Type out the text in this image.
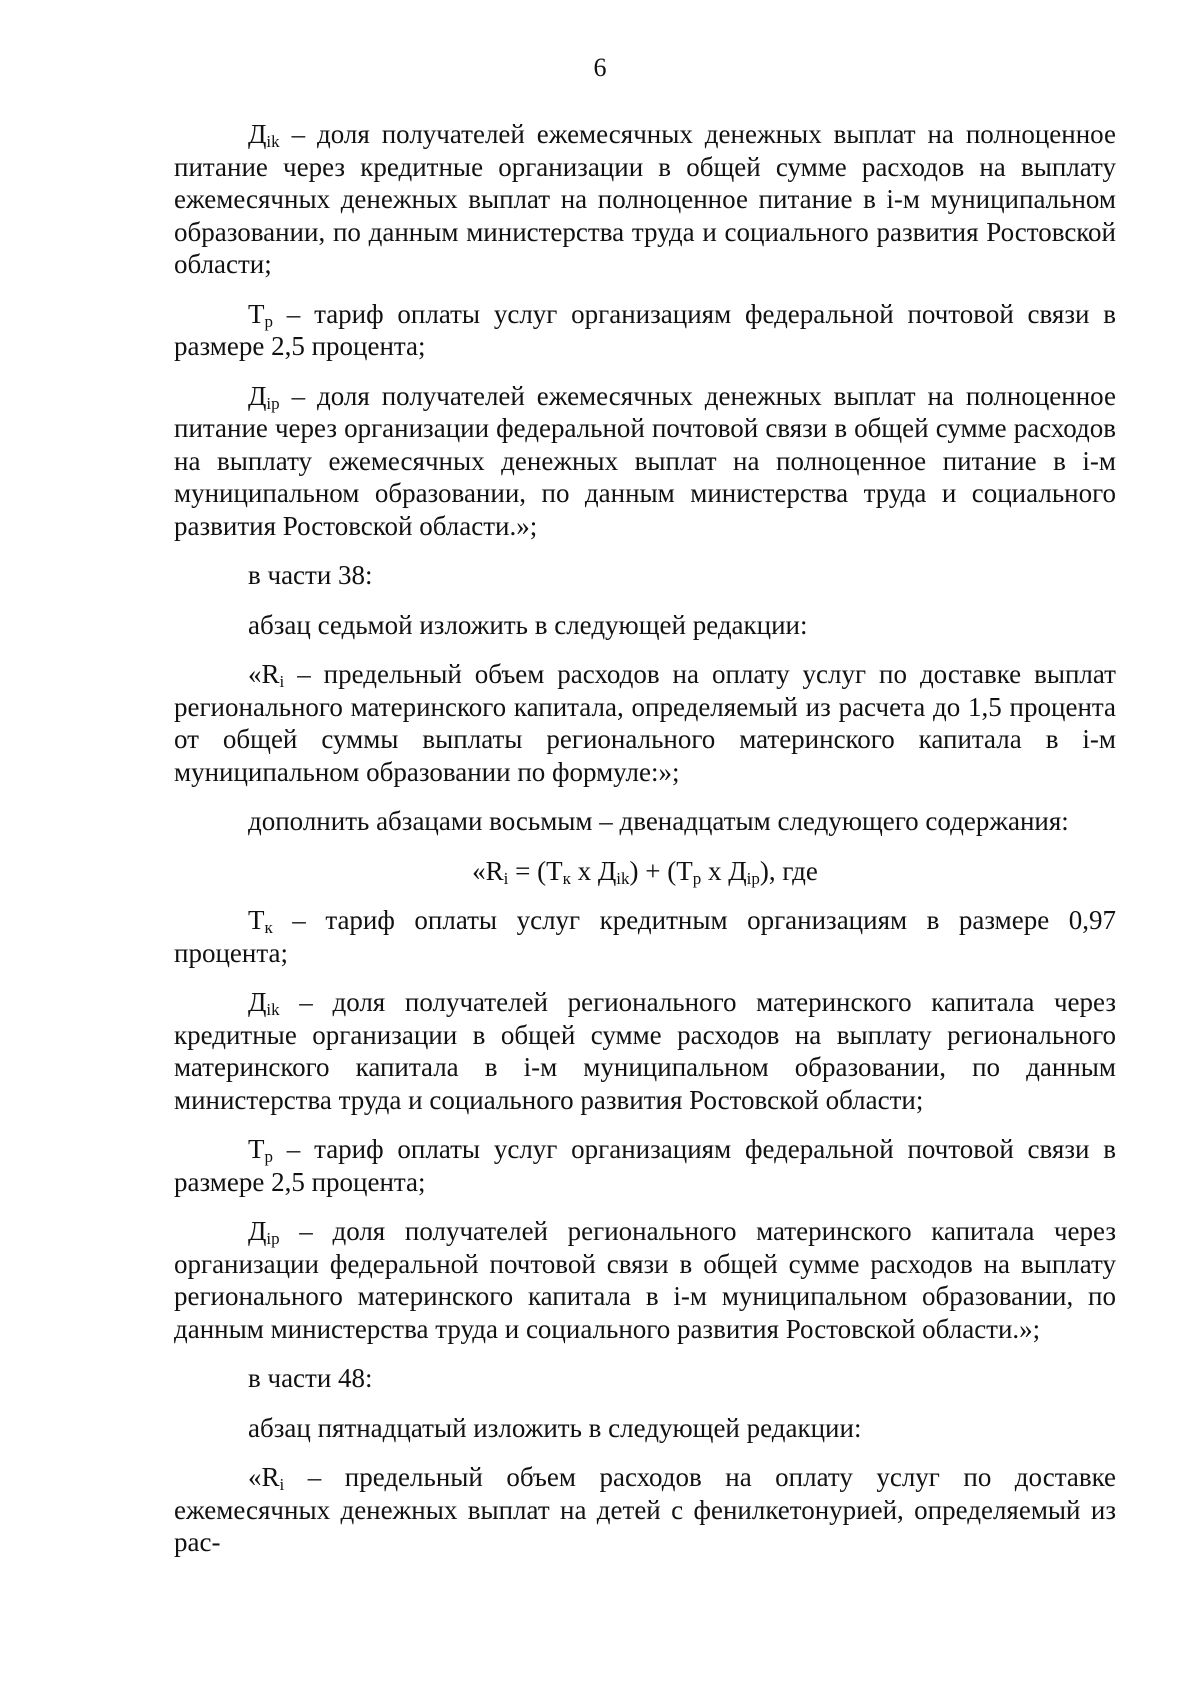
6

$Д_{ik}$ – доля получателей ежемесячных денежных выплат на полноценное питание через кредитные организации в общей сумме расходов на выплату ежемесячных денежных выплат на полноценное питание в i-м муниципальном образовании, по данным министерства труда и социального развития Ростовской области;

$Т_р$ – тариф оплаты услуг организациям федеральной почтовой связи в размере 2,5 процента;

$Д_{ip}$ – доля получателей ежемесячных денежных выплат на полноценное питание через организации федеральной почтовой связи в общей сумме расходов на выплату ежемесячных денежных выплат на полноценное питание в i-м муниципальном образовании, по данным министерства труда и социального развития Ростовской области.»;

в части 38:

абзац седьмой изложить в следующей редакции:

«$R_i$ – предельный объем расходов на оплату услуг по доставке выплат регионального материнского капитала, определяемый из расчета до 1,5 процента от общей суммы выплаты регионального материнского капитала в i-м муниципальном образовании по формуле:»;

дополнить абзацами восьмым – двенадцатым следующего содержания:

«$R_i = (Т_к$ х $Д_{ik}) + (Т_р$ х $Д_{ip}$), где

$Т_к$ – тариф оплаты услуг кредитным организациям в размере 0,97 процента;

$Д_{ik}$ – доля получателей регионального материнского капитала через кредитные организации в общей сумме расходов на выплату регионального материнского капитала в i-м муниципальном образовании, по данным министерства труда и социального развития Ростовской области;

$Т_р$ – тариф оплаты услуг организациям федеральной почтовой связи в размере 2,5 процента;

$Д_{ip}$ – доля получателей регионального материнского капитала через организации федеральной почтовой связи в общей сумме расходов на выплату регионального материнского капитала в i-м муниципальном образовании, по данным министерства труда и социального развития Ростовской области.»;

в части 48:

абзац пятнадцатый изложить в следующей редакции:

«$R_i$ – предельный объем расходов на оплату услуг по доставке ежемесячных денежных выплат на детей с фенилкетонурией, определяемый из рас-
